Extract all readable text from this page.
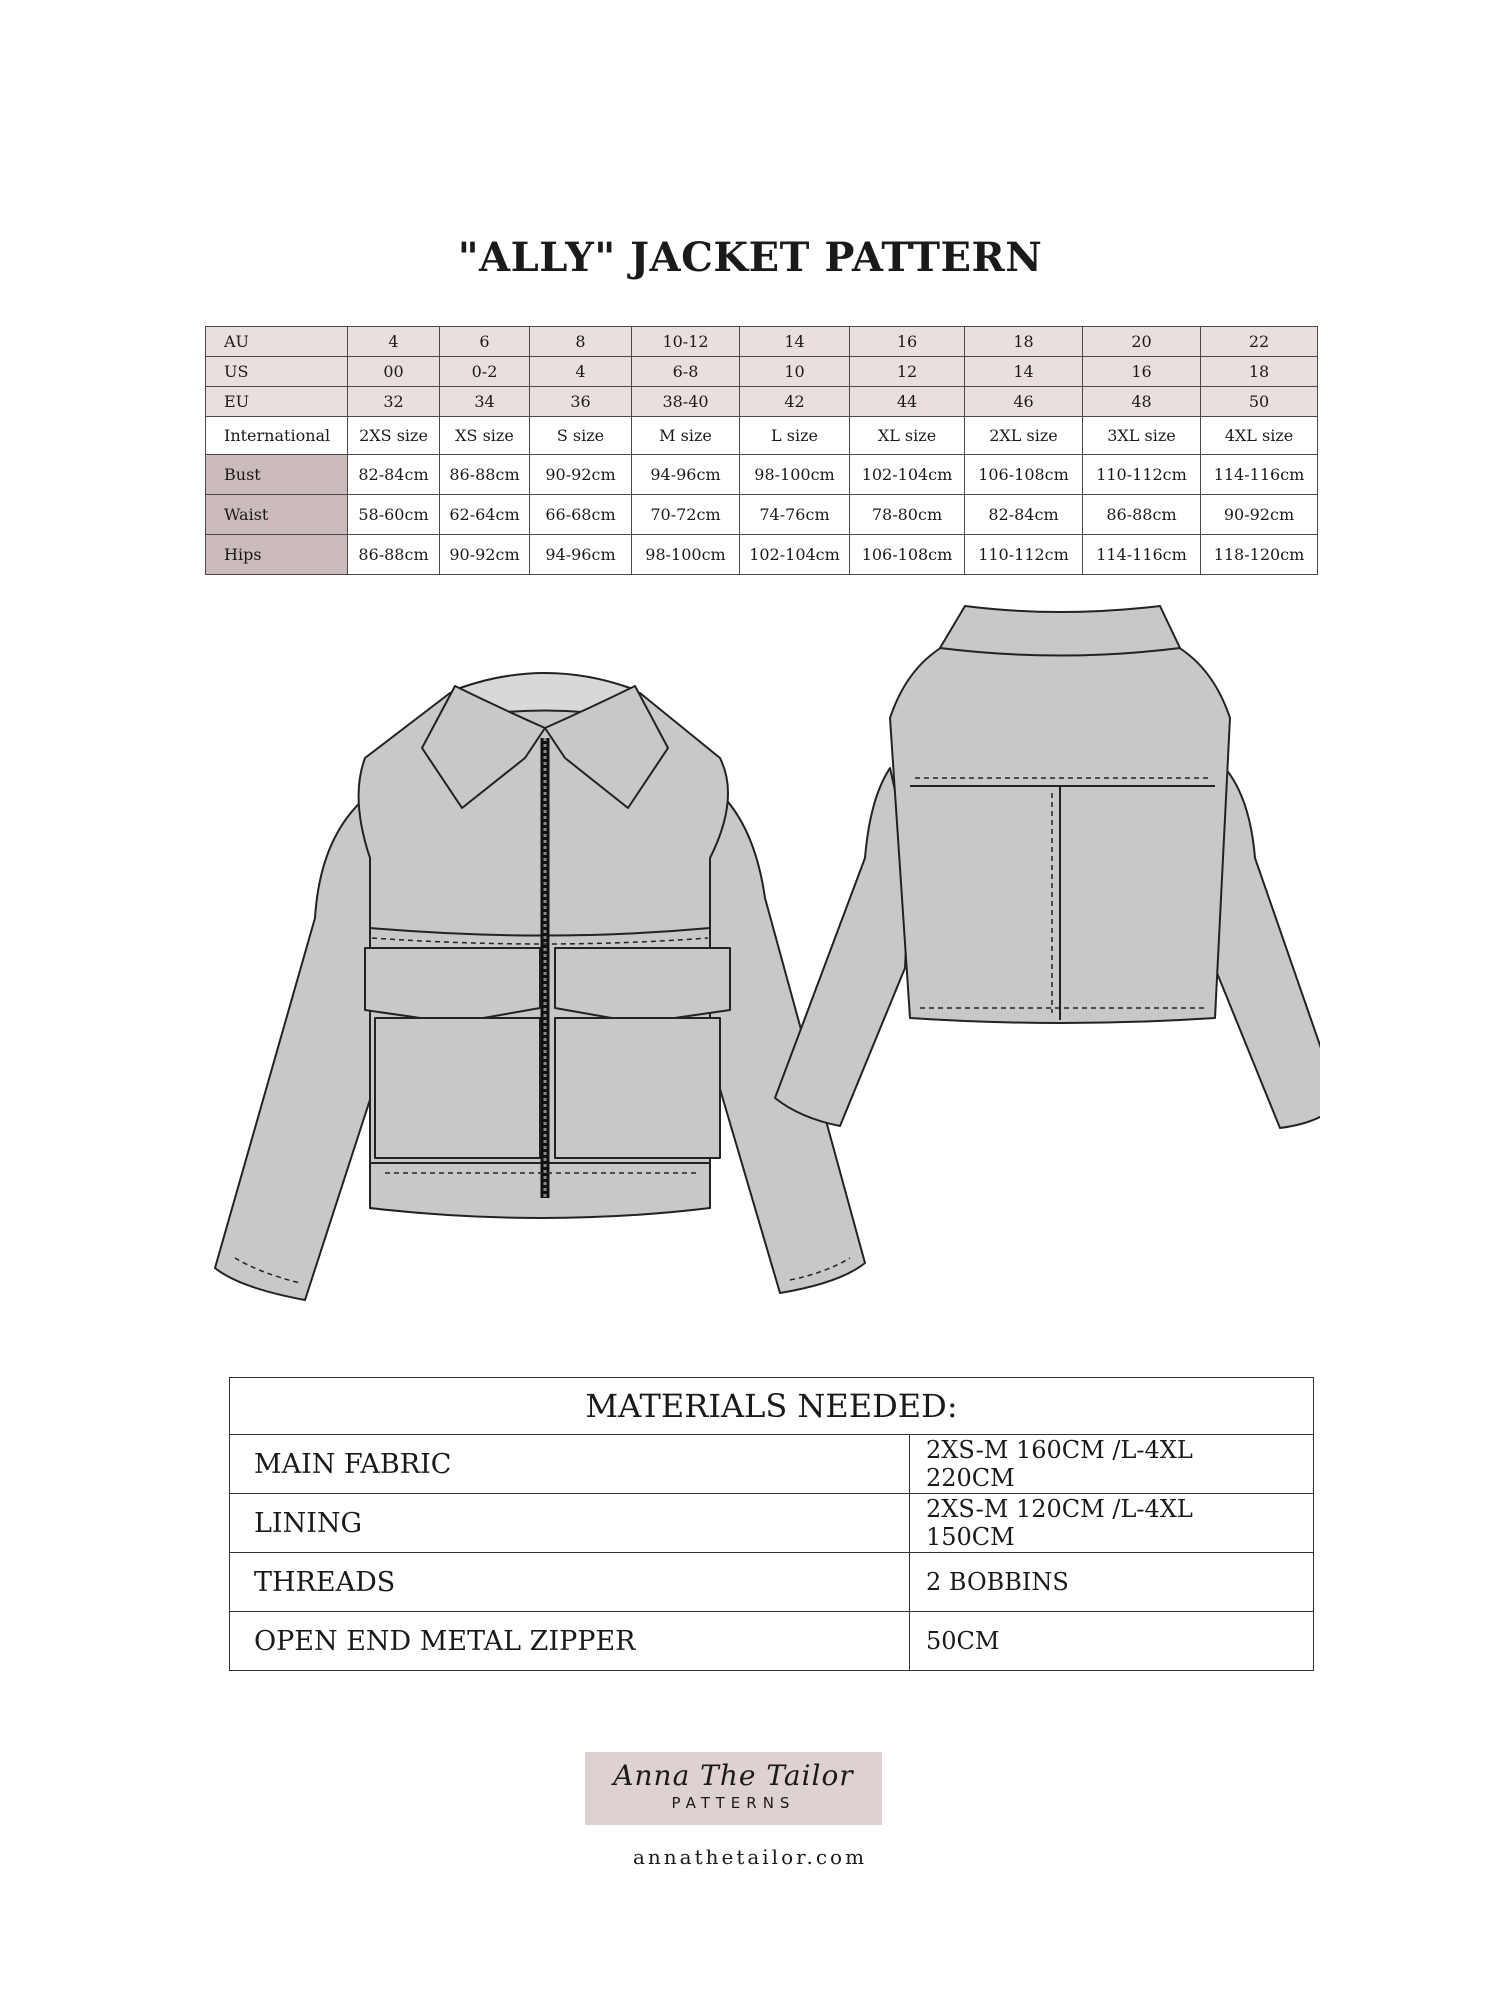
"ALLY" JACKET PATTERN
AU	4	6	8	10-12	14	16	18	20	22
US	00	0-2	4	6-8	10	12	14	16	18
EU	32	34	36	38-40	42	44	46	48	50
International	2XS size	XS size	S size	M size	L size	XL size	2XL size	3XL size	4XL size
Bust	82-84cm	86-88cm	90-92cm	94-96cm	98-100cm	102-104cm	106-108cm	110-112cm	114-116cm
Waist	58-60cm	62-64cm	66-68cm	70-72cm	74-76cm	78-80cm	82-84cm	86-88cm	90-92cm
Hips	86-88cm	90-92cm	94-96cm	98-100cm	102-104cm	106-108cm	110-112cm	114-116cm	118-120cm
MATERIALS NEEDED:	
MAIN FABRIC	2XS-M 160CM /L-4XL 220CM
LINING	2XS-M 120CM /L-4XL 150CM
THREADS	2 BOBBINS
OPEN END METAL ZIPPER	50CM
Anna The Tailor
PATTERNS
annathetailor.com
